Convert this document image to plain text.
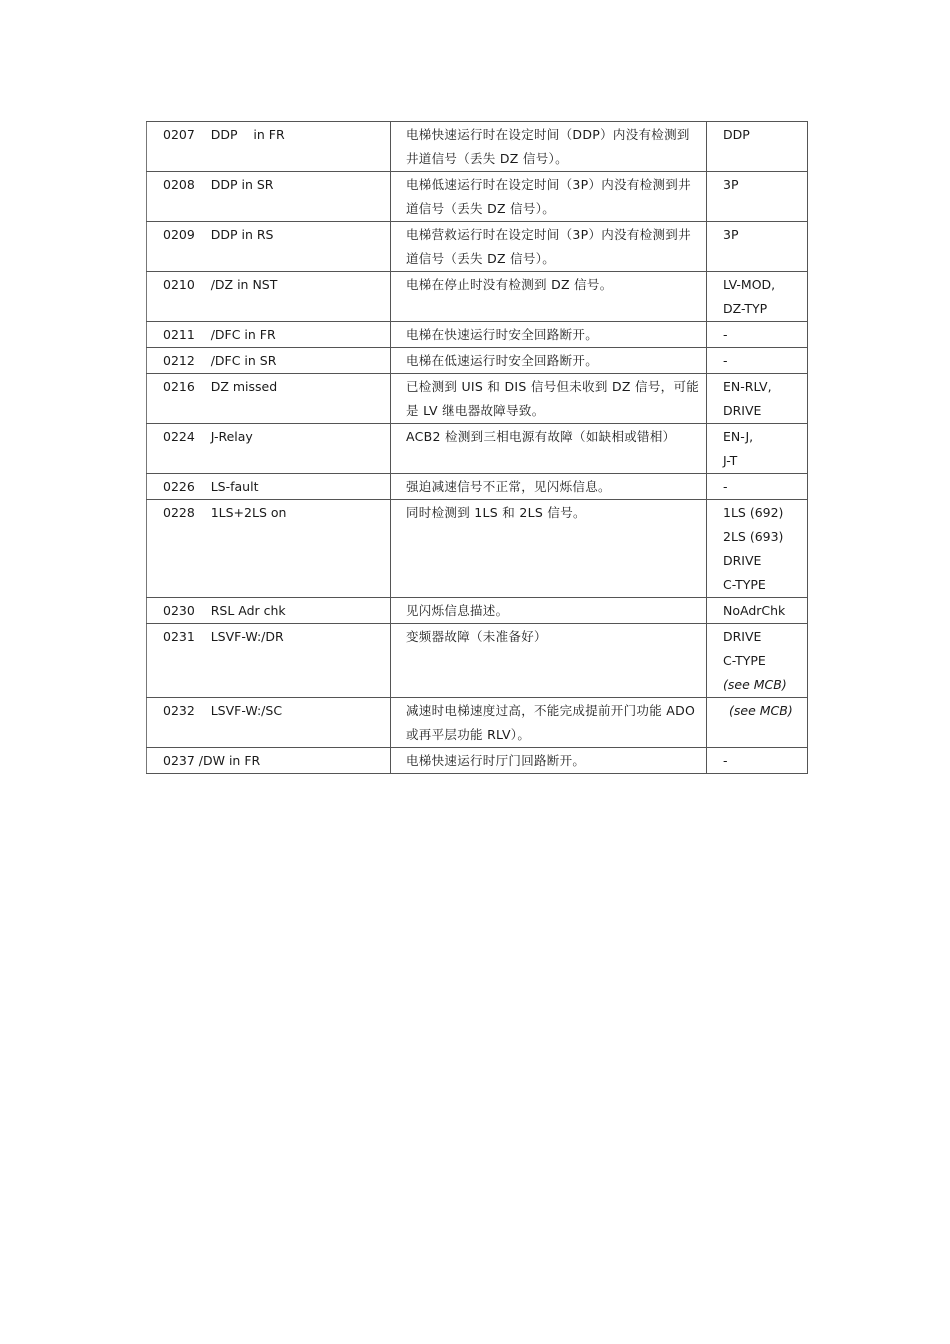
0207    DDP    in FR	电梯快速运行时在设定时间（DDP）内没有检测到井道信号（丢失 DZ 信号）。	DDP

0208    DDP in SR	电梯低速运行时在设定时间（3P）内没有检测到井道信号（丢失 DZ 信号）。	3P

0209    DDP in RS	电梯营救运行时在设定时间（3P）内没有检测到井道信号（丢失 DZ 信号）。	3P

0210    /DZ in NST	电梯在停止时没有检测到 DZ 信号。	LV-MOD,
DZ-TYP

0211    /DFC in FR	电梯在快速运行时安全回路断开。	-

0212    /DFC in SR	电梯在低速运行时安全回路断开。	-

0216    DZ missed	已检测到 UIS 和 DIS 信号但未收到 DZ 信号，可能是 LV 继电器故障导致。	EN-RLV,
DRIVE

0224    J-Relay	ACB2 检测到三相电源有故障（如缺相或错相）	EN-J,
J-T

0226    LS-fault	强迫减速信号不正常，见闪烁信息。	-

0228    1LS+2LS on	同时检测到 1LS 和 2LS 信号。	1LS (692)
2LS (693)
DRIVE
C-TYPE

0230    RSL Adr chk	见闪烁信息描述。	NoAdrChk

0231    LSVF-W:/DR	变频器故障（未准备好）	DRIVE
C-TYPE
(see MCB)

0232    LSVF-W:/SC	减速时电梯速度过高，不能完成提前开门功能 ADO 或再平层功能 RLV）。	(see MCB)

0237 /DW in FR	电梯快速运行时厅门回路断开。	-
